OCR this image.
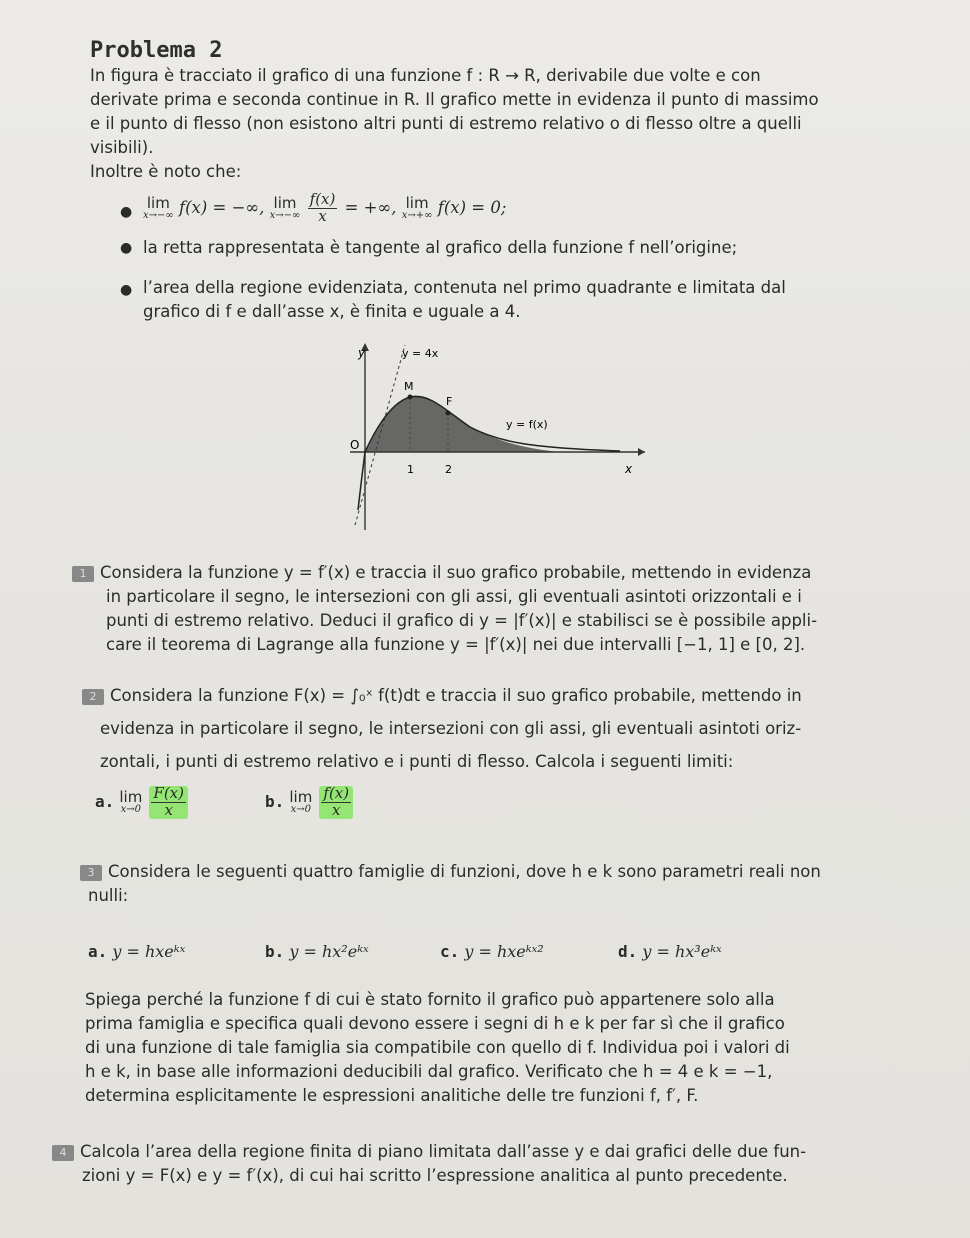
Problema 2
In figura è tracciato il grafico di una funzione f : R → R, derivabile due volte e con
derivate prima e seconda continue in R. Il grafico mette in evidenza il punto di massimo
e il punto di flesso (non esistono altri punti di estremo relativo o di flesso oltre a quelli
visibili).
Inoltre è noto che:
●
lim
x→−∞ f(x) = −∞, lim
x→−∞
$\frac{f(x)}{x}$ = +∞, lim
x→+∞ f(x) = 0;
● la retta rappresentata è tangente al grafico della funzione f nell’origine;
● l’area della regione evidenziata, contenuta nel primo quadrante e limitata dal
grafico di f e dall’asse x, è finita e uguale a 4.
y
x
y = 4x
M
F
y = f(x)
O
1	2
1 Considera la funzione y = f′(x) e traccia il suo grafico probabile, mettendo in evidenza
in particolare il segno, le intersezioni con gli assi, gli eventuali asintoti orizzontali e i
punti di estremo relativo. Deduci il grafico di y = |f′(x)| e stabilisci se è possibile appli-
care il teorema di Lagrange alla funzione y = |f′(x)| nei due intervalli [−1, 1] e [0, 2].
2 Considera la funzione F(x) = ∫₀ˣ f(t)dt e traccia il suo grafico probabile, mettendo in
evidenza in particolare il segno, le intersezioni con gli assi, gli eventuali asintoti oriz-
zontali, i punti di estremo relativo e i punti di flesso. Calcola i seguenti limiti:
a. lim
x→0
$\frac{F(x)}{x}$	b. lim
x→0
$\frac{f(x)}{x}$
3 Considera le seguenti quattro famiglie di funzioni, dove h e k sono parametri reali non
nulli:
a. y = hxeᵏˣ	b. y = hx²eᵏˣ	c. y = hxeᵏˣ²	d. y = hx³eᵏˣ
Spiega perché la funzione f di cui è stato fornito il grafico può appartenere solo alla
prima famiglia e specifica quali devono essere i segni di h e k per far sì che il grafico
di una funzione di tale famiglia sia compatibile con quello di f. Individua poi i valori di
h e k, in base alle informazioni deducibili dal grafico. Verificato che h = 4 e k = −1,
determina esplicitamente le espressioni analitiche delle tre funzioni f, f′, F.
4 Calcola l’area della regione finita di piano limitata dall’asse y e dai grafici delle due fun-
zioni y = F(x) e y = f′(x), di cui hai scritto l’espressione analitica al punto precedente.
